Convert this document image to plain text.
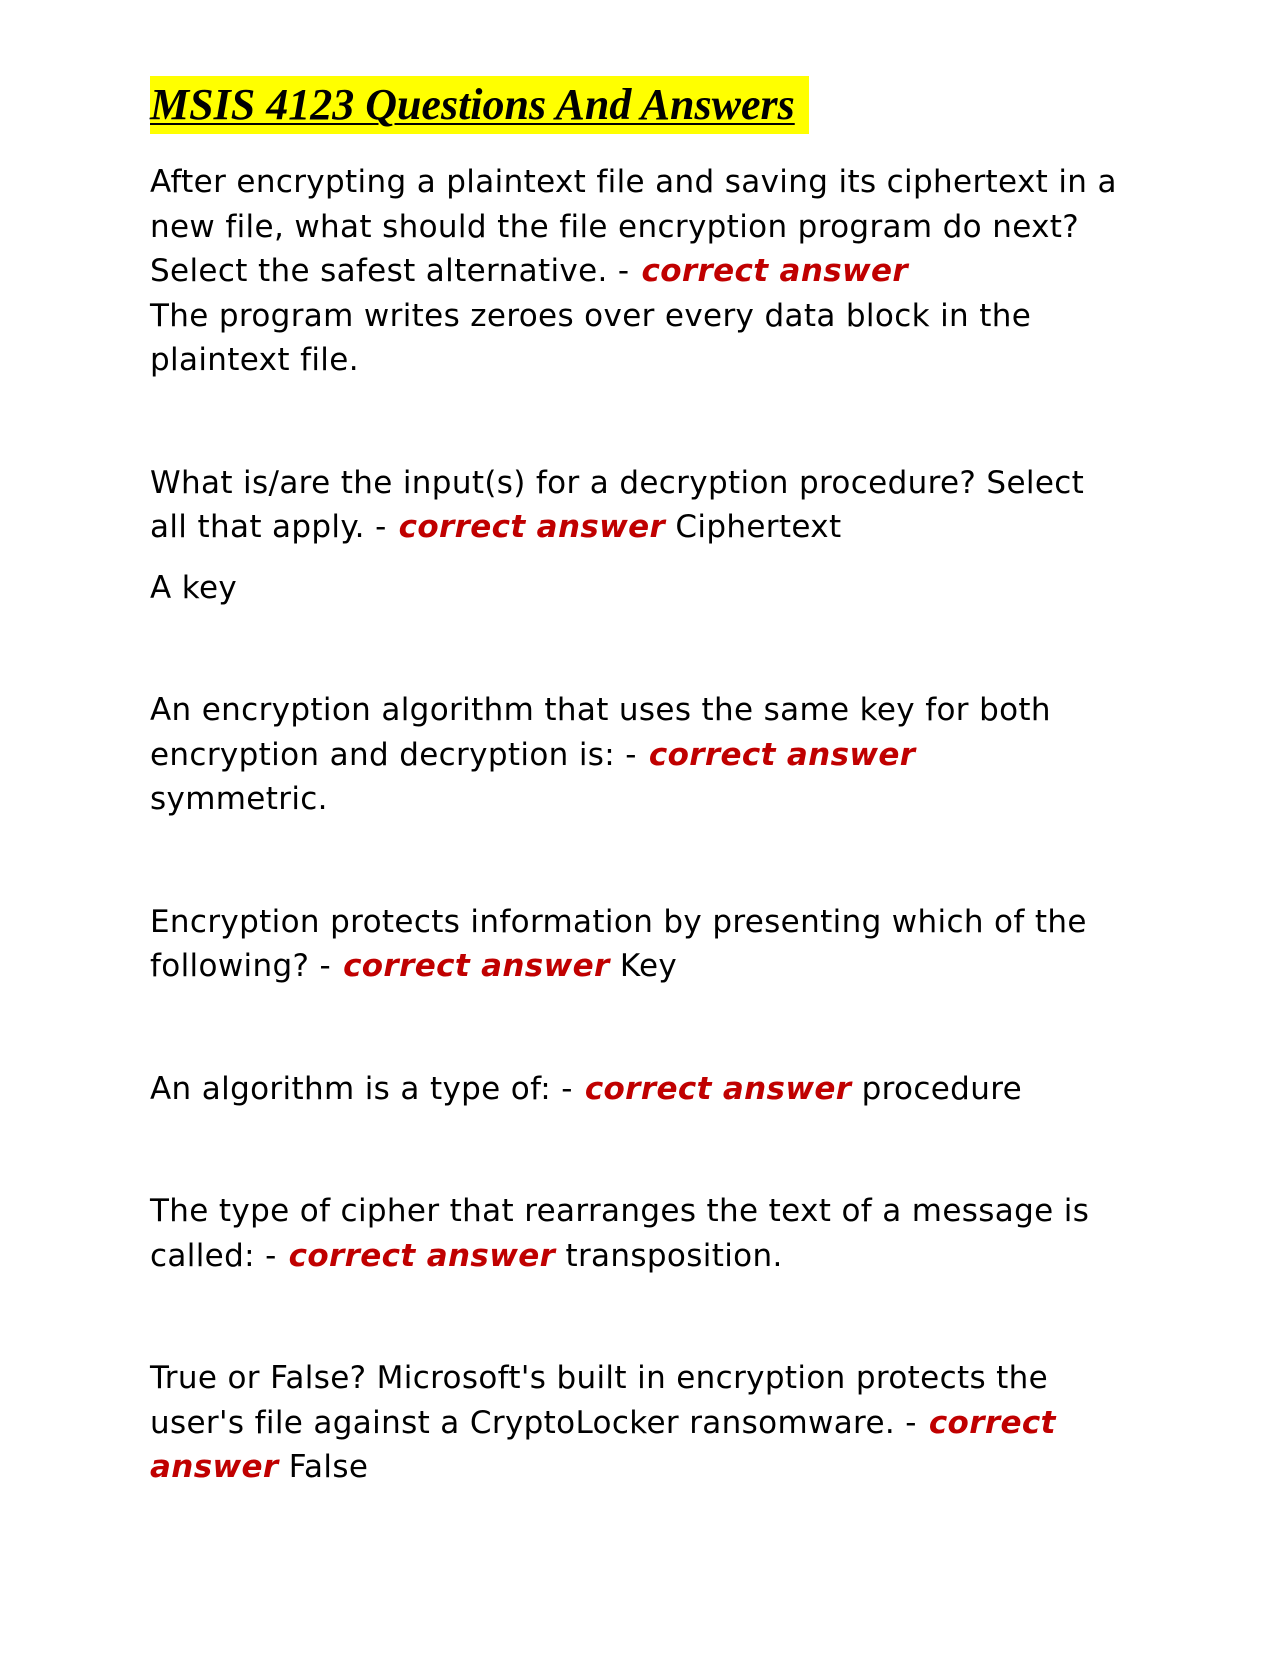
MSIS 4123 Questions And Answers

After encrypting a plaintext file and saving its ciphertext in a new file, what should the file encryption program do next? Select the safest alternative. - correct answer
The program writes zeroes over every data block in the plaintext file.

What is/are the input(s) for a decryption procedure? Select all that apply. - correct answer Ciphertext

A key

An encryption algorithm that uses the same key for both encryption and decryption is: - correct answer
symmetric.

Encryption protects information by presenting which of the following? - correct answer Key

An algorithm is a type of: - correct answer procedure

The type of cipher that rearranges the text of a message is called: - correct answer transposition.

True or False? Microsoft's built in encryption protects the user's file against a CryptoLocker ransomware. - correct answer False
